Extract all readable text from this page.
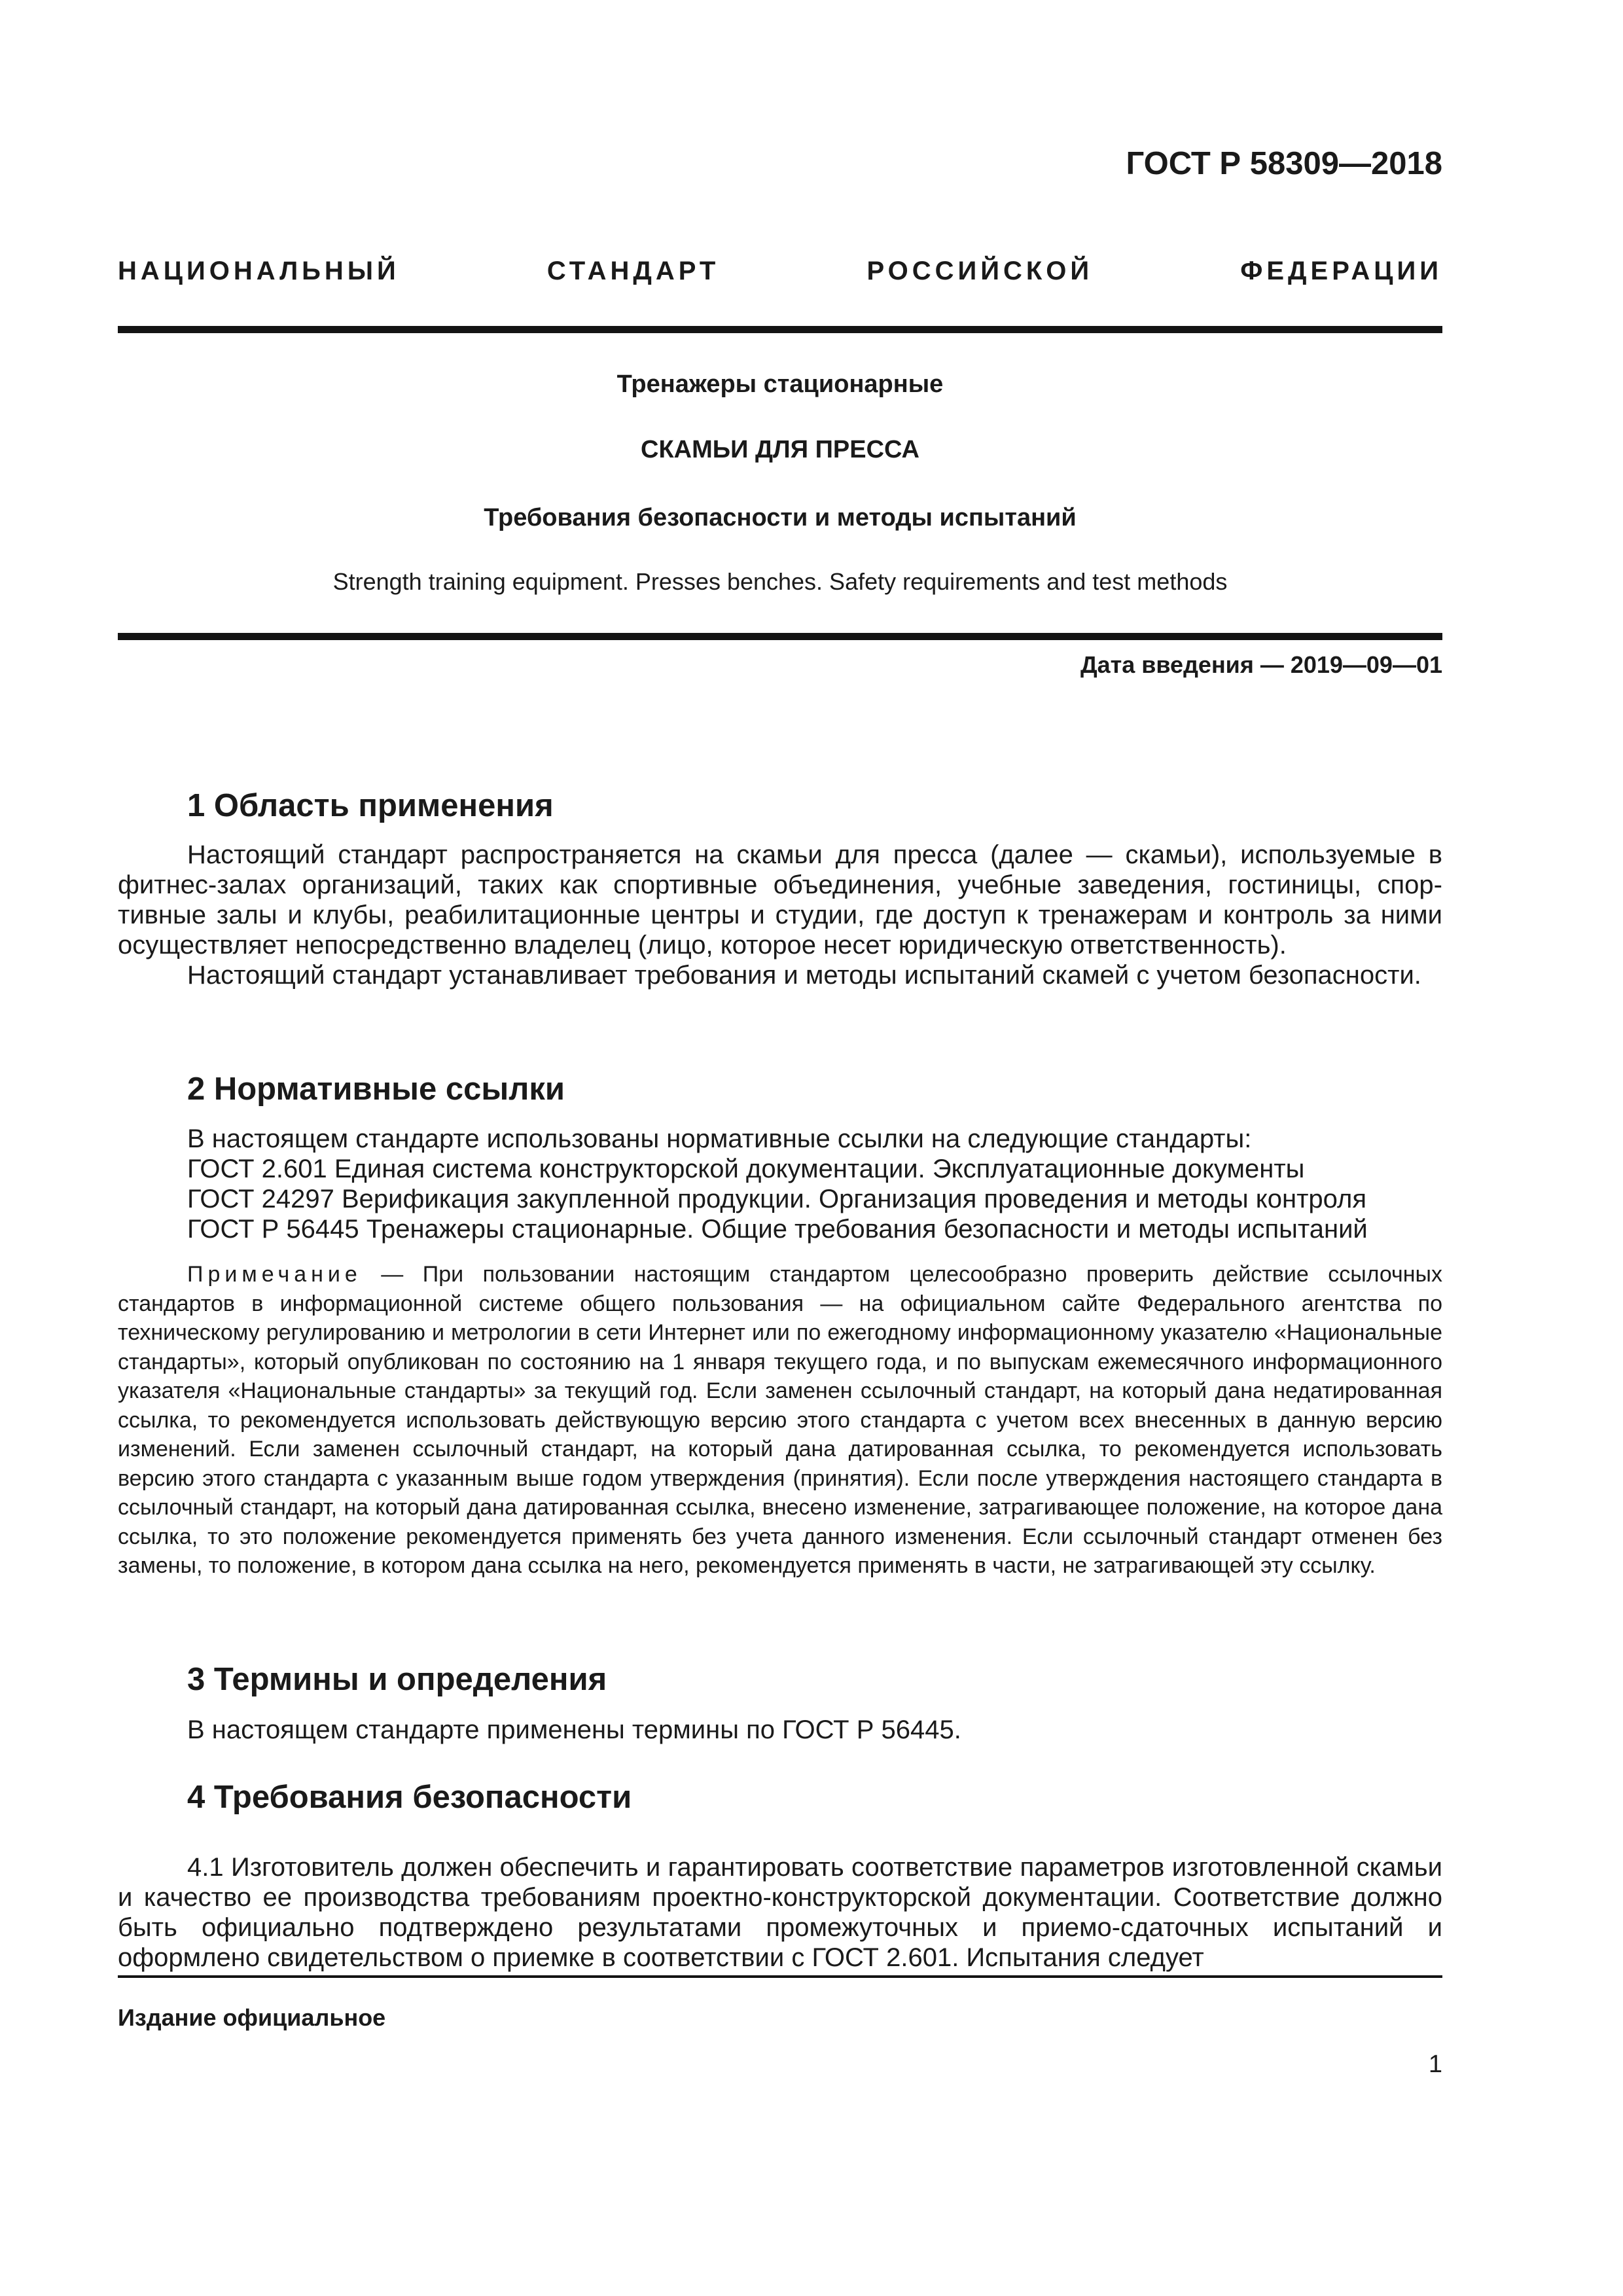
ГОСТ Р 58309—2018
НАЦИОНАЛЬНЫЙ СТАНДАРТ РОССИЙСКОЙ ФЕДЕРАЦИИ
Тренажеры стационарные
СКАМЬИ ДЛЯ ПРЕССА
Требования безопасности и методы испытаний
Strength training equipment. Presses benches. Safety requirements and test methods
Дата введения — 2019—09—01
1 Область применения
Настоящий стандарт распространяется на скамьи для пресса (далее — скамьи), используемые в фитнес-залах организаций, таких как спортивные объединения, учебные заведения, гостиницы, спортивные залы и клубы, реабилитационные центры и студии, где доступ к тренажерам и контроль за ними осуществляет непосредственно владелец (лицо, которое несет юридическую ответственность).
Настоящий стандарт устанавливает требования и методы испытаний скамей с учетом безопасности.
2 Нормативные ссылки
В настоящем стандарте использованы нормативные ссылки на следующие стандарты:
ГОСТ 2.601 Единая система конструкторской документации. Эксплуатационные документы
ГОСТ 24297 Верификация закупленной продукции. Организация проведения и методы контроля
ГОСТ Р 56445 Тренажеры стационарные. Общие требования безопасности и методы испытаний
Примечание — При пользовании настоящим стандартом целесообразно проверить действие ссылочных стандартов в информационной системе общего пользования — на официальном сайте Федерального агентства по техническому регулированию и метрологии в сети Интернет или по ежегодному информационному указателю «Национальные стандарты», который опубликован по состоянию на 1 января текущего года, и по выпускам ежемесячного информационного указателя «Национальные стандарты» за текущий год. Если заменен ссылочный стандарт, на который дана недатированная ссылка, то рекомендуется использовать действующую версию этого стандарта с учетом всех внесенных в данную версию изменений. Если заменен ссылочный стандарт, на который дана датированная ссылка, то рекомендуется использовать версию этого стандарта с указанным выше годом утверждения (принятия). Если после утверждения настоящего стандарта в ссылочный стандарт, на который дана датированная ссылка, внесено изменение, затрагивающее положение, на которое дана ссылка, то это положение рекомендуется применять без учета данного изменения. Если ссылочный стандарт отменен без замены, то положение, в котором дана ссылка на него, рекомендуется применять в части, не затрагивающей эту ссылку.
3 Термины и определения
В настоящем стандарте применены термины по ГОСТ Р 56445.
4 Требования безопасности
4.1 Изготовитель должен обеспечить и гарантировать соответствие параметров изготовленной скамьи и качество ее производства требованиям проектно-конструкторской документации. Соответствие должно быть официально подтверждено результатами промежуточных и приемо-сдаточных испытаний и оформлено свидетельством о приемке в соответствии с ГОСТ 2.601. Испытания следует
Издание официальное
1
